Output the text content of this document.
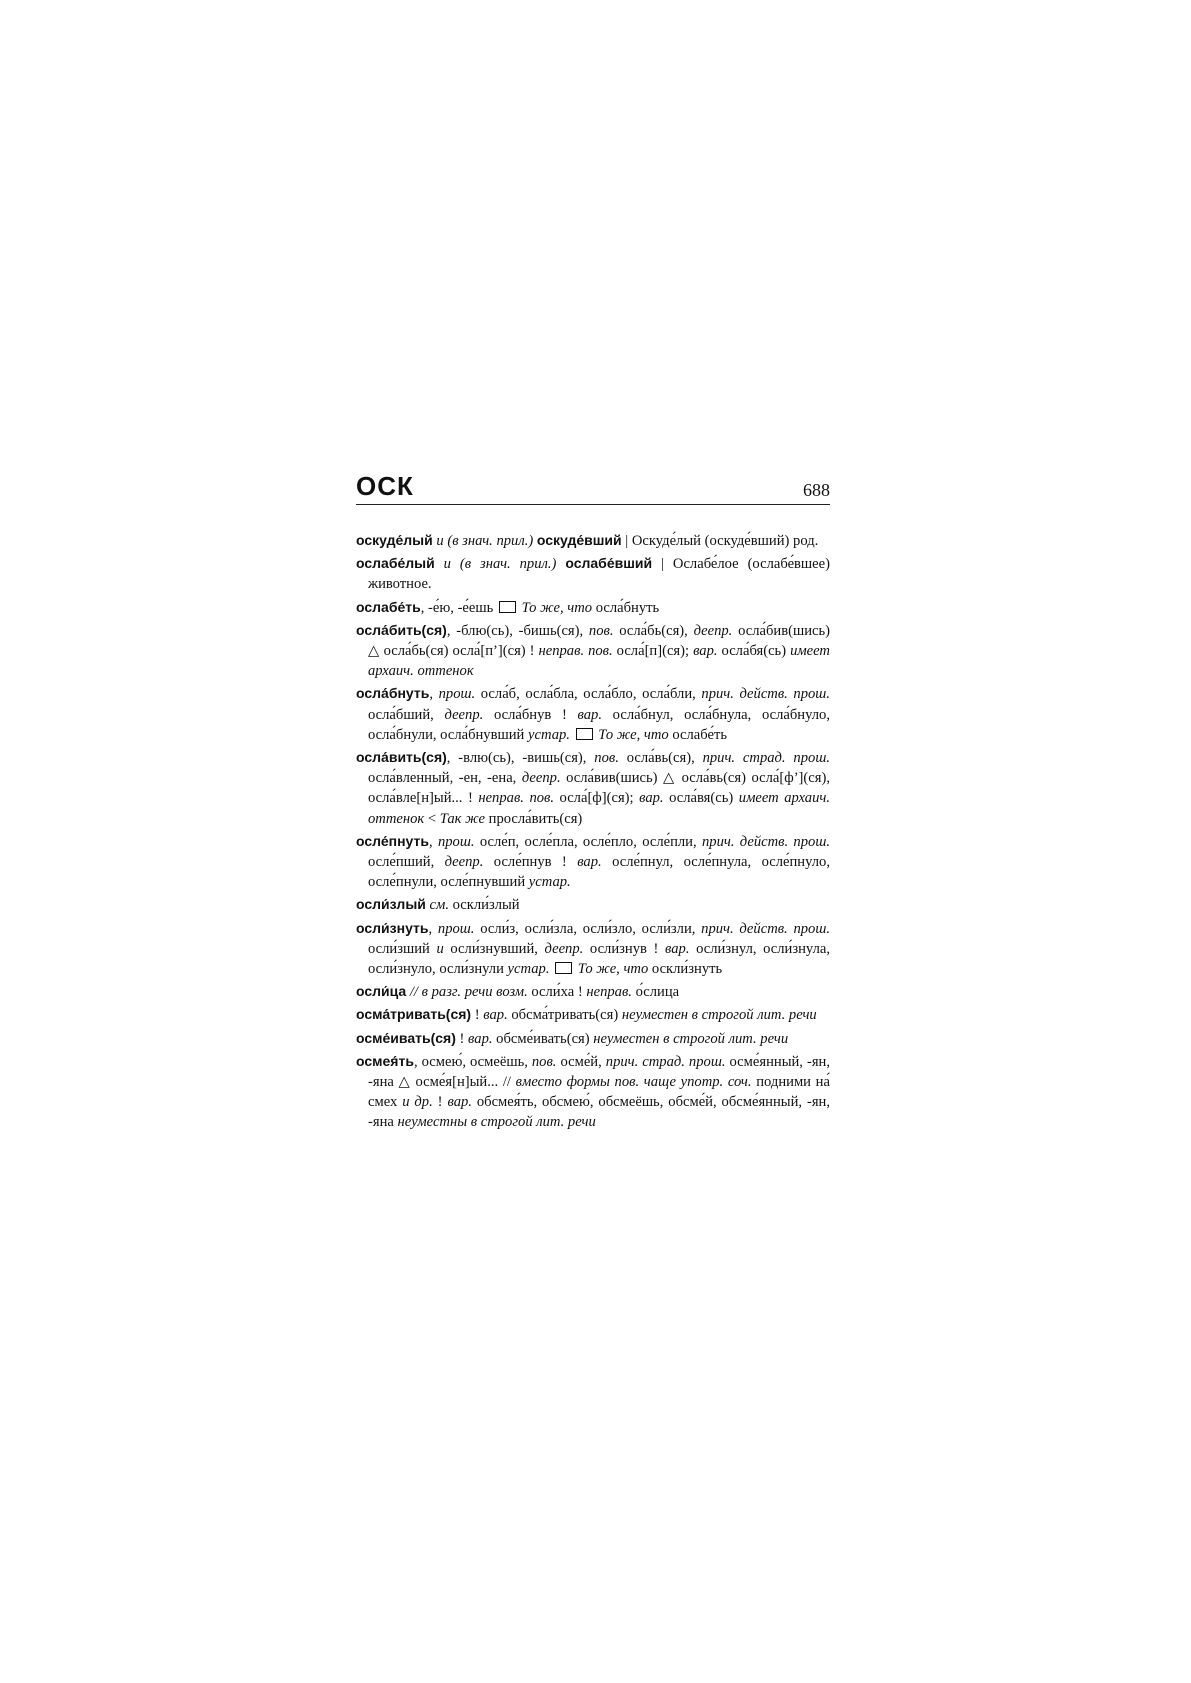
ОСК	688

оскуде́лый и (в знач. прил.) оскуде́вший | Оскуде́лый (оскуде́вший) род.

ослабе́лый и (в знач. прил.) ослабе́вший | Ослабе́лое (ослабе́вшее) животное.

ослабе́ть, -е́ю, -е́ешь  То же, что осла́бнуть

осла́бить(ся), -блю(сь), -бишь(ся), пов. осла́бь(ся), деепр. осла́бив(шись) △ осла́бь(ся) осла́[п’](ся) ! неправ. пов. осла́[п](ся); вар. осла́бя(сь) имеет архаич. оттенок

осла́бнуть, прош. осла́б, осла́бла, осла́бло, осла́бли, прич. действ. прош. осла́бший, деепр. осла́бнув ! вар. осла́бнул, осла́бнула, осла́бнуло, осла́бнули, осла́бнувший устар.  То же, что ослабе́ть

осла́вить(ся), -влю(сь), -вишь(ся), пов. осла́вь(ся), прич. страд. прош. осла́вленный, -ен, -ена, деепр. осла́вив(шись) △ осла́вь(ся) осла́[ф’](ся), осла́вле[н]ый... ! неправ. пов. осла́[ф](ся); вар. осла́вя(сь) имеет архаич. оттенок < Так же просла́вить(ся)

осле́пнуть, прош. осле́п, осле́пла, осле́пло, осле́пли, прич. действ. прош. осле́пший, деепр. осле́пнув ! вар. осле́пнул, осле́пнула, осле́пнуло, осле́пнули, осле́пнувший устар.

осли́злый см. оскли́злый

осли́знуть, прош. осли́з, осли́зла, осли́зло, осли́зли, прич. действ. прош. осли́зший и осли́знувший, деепр. осли́знув ! вар. осли́знул, осли́знула, осли́знуло, осли́знули устар.  То же, что оскли́знуть

осли́ца // в разг. речи возм. осли́ха ! неправ. о́слица

осма́тривать(ся) ! вар. обсма́тривать(ся) неуместен в строгой лит. речи

осме́ивать(ся) ! вар. обсме́ивать(ся) неуместен в строгой лит. речи

осмея́ть, осмею́, осмеёшь, пов. осме́й, прич. страд. прош. осме́янный, -ян, -яна △ осме́я[н]ый... // вместо формы пов. чаще употр. соч. подними на́ смех и др. ! вар. обсмея́ть, обсмею́, обсмеёшь, обсме́й, обсме́янный, -ян, -яна неуместны в строгой лит. речи
